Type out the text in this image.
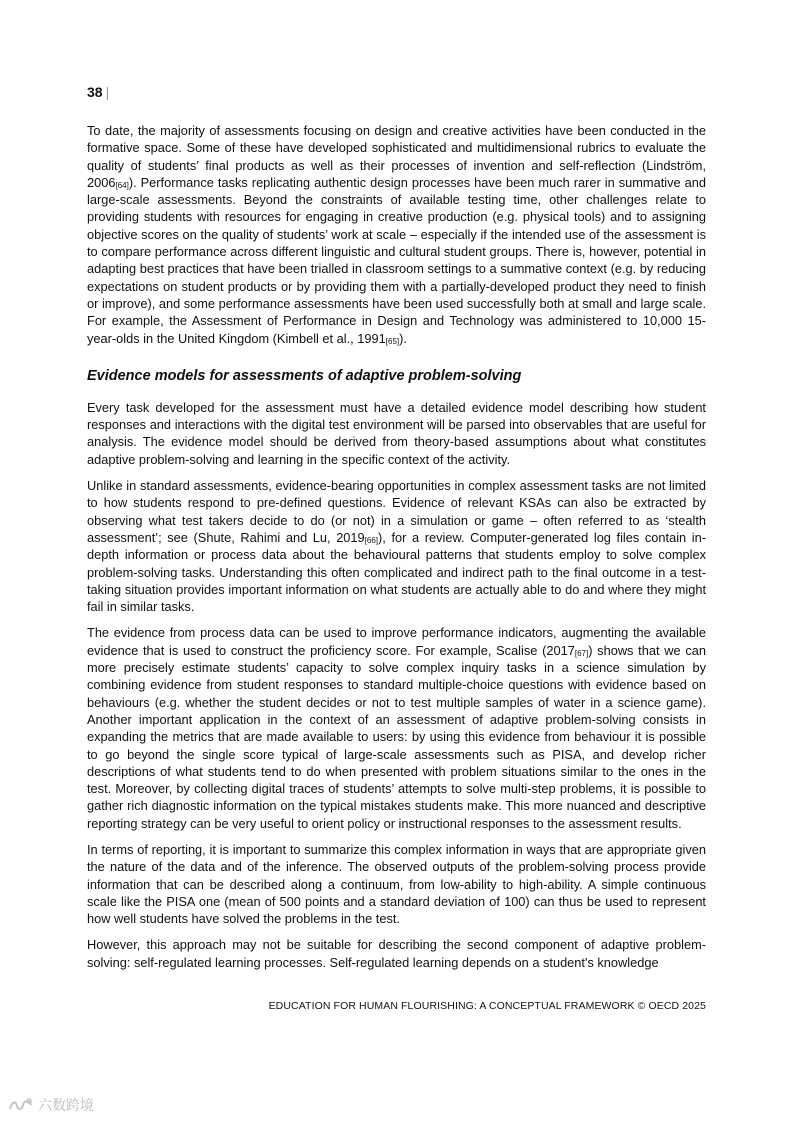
38 |

To date, the majority of assessments focusing on design and creative activities have been conducted in the formative space. Some of these have developed sophisticated and multidimensional rubrics to evaluate the quality of students’ final products as well as their processes of invention and self-reflection (Lindström, $2006_{[64]}$). Performance tasks replicating authentic design processes have been much rarer in summative and large-scale assessments. Beyond the constraints of available testing time, other challenges relate to providing students with resources for engaging in creative production (e.g. physical tools) and to assigning objective scores on the quality of students’ work at scale – especially if the intended use of the assessment is to compare performance across different linguistic and cultural student groups. There is, however, potential in adapting best practices that have been trialled in classroom settings to a summative context (e.g. by reducing expectations on student products or by providing them with a partially-developed product they need to finish or improve), and some performance assessments have been used successfully both at small and large scale. For example, the Assessment of Performance in Design and Technology was administered to 10,000 15-year-olds in the United Kingdom (Kimbell et al., $1991_{[65]}$).

Evidence models for assessments of adaptive problem-solving

Every task developed for the assessment must have a detailed evidence model describing how student responses and interactions with the digital test environment will be parsed into observables that are useful for analysis. The evidence model should be derived from theory-based assumptions about what constitutes adaptive problem-solving and learning in the specific context of the activity.

Unlike in standard assessments, evidence-bearing opportunities in complex assessment tasks are not limited to how students respond to pre-defined questions. Evidence of relevant KSAs can also be extracted by observing what test takers decide to do (or not) in a simulation or game – often referred to as ‘stealth assessment’; see (Shute, Rahimi and Lu, $2019_{[66]}$), for a review. Computer-generated log files contain in-depth information or process data about the behavioural patterns that students employ to solve complex problem-solving tasks. Understanding this often complicated and indirect path to the final outcome in a test-taking situation provides important information on what students are actually able to do and where they might fail in similar tasks.

The evidence from process data can be used to improve performance indicators, augmenting the available evidence that is used to construct the proficiency score. For example, Scalise $(2017_{[67]})$ shows that we can more precisely estimate students’ capacity to solve complex inquiry tasks in a science simulation by combining evidence from student responses to standard multiple-choice questions with evidence based on behaviours (e.g. whether the student decides or not to test multiple samples of water in a science game). Another important application in the context of an assessment of adaptive problem-solving consists in expanding the metrics that are made available to users: by using this evidence from behaviour it is possible to go beyond the single score typical of large-scale assessments such as PISA, and develop richer descriptions of what students tend to do when presented with problem situations similar to the ones in the test. Moreover, by collecting digital traces of students’ attempts to solve multi-step problems, it is possible to gather rich diagnostic information on the typical mistakes students make. This more nuanced and descriptive reporting strategy can be very useful to orient policy or instructional responses to the assessment results.

In terms of reporting, it is important to summarize this complex information in ways that are appropriate given the nature of the data and of the inference. The observed outputs of the problem-solving process provide information that can be described along a continuum, from low-ability to high-ability. A simple continuous scale like the PISA one (mean of 500 points and a standard deviation of 100) can thus be used to represent how well students have solved the problems in the test.

However, this approach may not be suitable for describing the second component of adaptive problem-solving: self-regulated learning processes. Self-regulated learning depends on a student's knowledge

EDUCATION FOR HUMAN FLOURISHING: A CONCEPTUAL FRAMEWORK © OECD 2025
六数跨境
